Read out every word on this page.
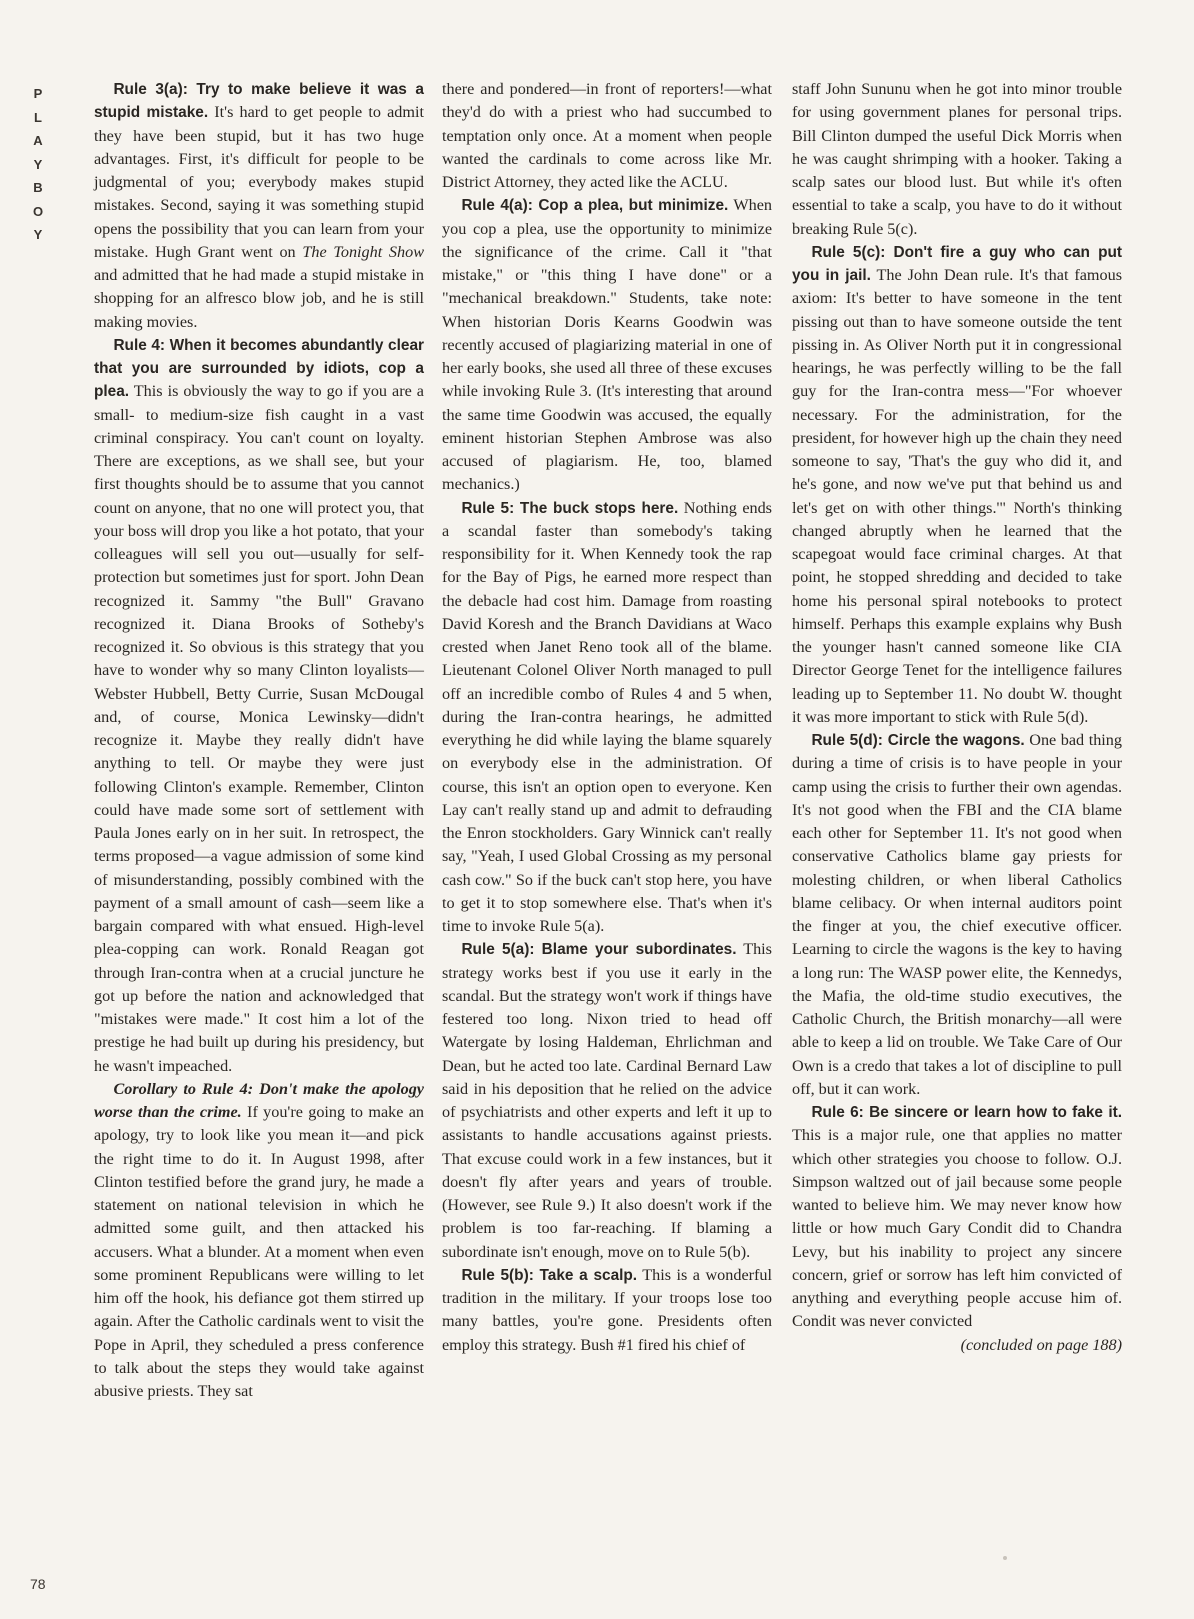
P
L
A
Y
B
O
Y
78

Rule 3(a): Try to make believe it was a stupid mistake. It's hard to get people to admit they have been stupid, but it has two huge advantages. First, it's difficult for people to be judgmental of you; everybody makes stupid mistakes. Second, saying it was something stupid opens the possibility that you can learn from your mistake. Hugh Grant went on The Tonight Show and admitted that he had made a stupid mistake in shopping for an alfresco blow job, and he is still making movies.

Rule 4: When it becomes abundantly clear that you are surrounded by idiots, cop a plea. This is obviously the way to go if you are a small- to medium-size fish caught in a vast criminal conspiracy. You can't count on loyalty. There are exceptions, as we shall see, but your first thoughts should be to assume that you cannot count on anyone, that no one will protect you, that your boss will drop you like a hot potato, that your colleagues will sell you out—usually for self-protection but sometimes just for sport. John Dean recognized it. Sammy "the Bull" Gravano recognized it. Diana Brooks of Sotheby's recognized it. So obvious is this strategy that you have to wonder why so many Clinton loyalists—Webster Hubbell, Betty Currie, Susan McDougal and, of course, Monica Lewinsky—didn't recognize it. Maybe they really didn't have anything to tell. Or maybe they were just following Clinton's example. Remember, Clinton could have made some sort of settlement with Paula Jones early on in her suit. In retrospect, the terms proposed—a vague admission of some kind of misunderstanding, possibly combined with the payment of a small amount of cash—seem like a bargain compared with what ensued. High-level plea-copping can work. Ronald Reagan got through Iran-contra when at a crucial juncture he got up before the nation and acknowledged that "mistakes were made." It cost him a lot of the prestige he had built up during his presidency, but he wasn't impeached.

Corollary to Rule 4: Don't make the apology worse than the crime. If you're going to make an apology, try to look like you mean it—and pick the right time to do it. In August 1998, after Clinton testified before the grand jury, he made a statement on national television in which he admitted some guilt, and then attacked his accusers. What a blunder. At a moment when even some prominent Republicans were willing to let him off the hook, his defiance got them stirred up again. After the Catholic cardinals went to visit the Pope in April, they scheduled a press conference to talk about the steps they would take against abusive priests. They sat

there and pondered—in front of reporters!—what they'd do with a priest who had succumbed to temptation only once. At a moment when people wanted the cardinals to come across like Mr. District Attorney, they acted like the ACLU.

Rule 4(a): Cop a plea, but minimize. When you cop a plea, use the opportunity to minimize the significance of the crime. Call it "that mistake," or "this thing I have done" or a "mechanical breakdown." Students, take note: When historian Doris Kearns Goodwin was recently accused of plagiarizing material in one of her early books, she used all three of these excuses while invoking Rule 3. (It's interesting that around the same time Goodwin was accused, the equally eminent historian Stephen Ambrose was also accused of plagiarism. He, too, blamed mechanics.)

Rule 5: The buck stops here. Nothing ends a scandal faster than somebody's taking responsibility for it. When Kennedy took the rap for the Bay of Pigs, he earned more respect than the debacle had cost him. Damage from roasting David Koresh and the Branch Davidians at Waco crested when Janet Reno took all of the blame. Lieutenant Colonel Oliver North managed to pull off an incredible combo of Rules 4 and 5 when, during the Iran-contra hearings, he admitted everything he did while laying the blame squarely on everybody else in the administration. Of course, this isn't an option open to everyone. Ken Lay can't really stand up and admit to defrauding the Enron stockholders. Gary Winnick can't really say, "Yeah, I used Global Crossing as my personal cash cow." So if the buck can't stop here, you have to get it to stop somewhere else. That's when it's time to invoke Rule 5(a).

Rule 5(a): Blame your subordinates. This strategy works best if you use it early in the scandal. But the strategy won't work if things have festered too long. Nixon tried to head off Watergate by losing Haldeman, Ehrlichman and Dean, but he acted too late. Cardinal Bernard Law said in his deposition that he relied on the advice of psychiatrists and other experts and left it up to assistants to handle accusations against priests. That excuse could work in a few instances, but it doesn't fly after years and years of trouble. (However, see Rule 9.) It also doesn't work if the problem is too far-reaching. If blaming a subordinate isn't enough, move on to Rule 5(b).

Rule 5(b): Take a scalp. This is a wonderful tradition in the military. If your troops lose too many battles, you're gone. Presidents often employ this strategy. Bush #1 fired his chief of

staff John Sununu when he got into minor trouble for using government planes for personal trips. Bill Clinton dumped the useful Dick Morris when he was caught shrimping with a hooker. Taking a scalp sates our blood lust. But while it's often essential to take a scalp, you have to do it without breaking Rule 5(c).

Rule 5(c): Don't fire a guy who can put you in jail. The John Dean rule. It's that famous axiom: It's better to have someone in the tent pissing out than to have someone outside the tent pissing in. As Oliver North put it in congressional hearings, he was perfectly willing to be the fall guy for the Iran-contra mess—"For whoever necessary. For the administration, for the president, for however high up the chain they need someone to say, 'That's the guy who did it, and he's gone, and now we've put that behind us and let's get on with other things.'" North's thinking changed abruptly when he learned that the scapegoat would face criminal charges. At that point, he stopped shredding and decided to take home his personal spiral notebooks to protect himself. Perhaps this example explains why Bush the younger hasn't canned someone like CIA Director George Tenet for the intelligence failures leading up to September 11. No doubt W. thought it was more important to stick with Rule 5(d).

Rule 5(d): Circle the wagons. One bad thing during a time of crisis is to have people in your camp using the crisis to further their own agendas. It's not good when the FBI and the CIA blame each other for September 11. It's not good when conservative Catholics blame gay priests for molesting children, or when liberal Catholics blame celibacy. Or when internal auditors point the finger at you, the chief executive officer. Learning to circle the wagons is the key to having a long run: The WASP power elite, the Kennedys, the Mafia, the old-time studio executives, the Catholic Church, the British monarchy—all were able to keep a lid on trouble. We Take Care of Our Own is a credo that takes a lot of discipline to pull off, but it can work.

Rule 6: Be sincere or learn how to fake it. This is a major rule, one that applies no matter which other strategies you choose to follow. O.J. Simpson waltzed out of jail because some people wanted to believe him. We may never know how little or how much Gary Condit did to Chandra Levy, but his inability to project any sincere concern, grief or sorrow has left him convicted of anything and everything people accuse him of. Condit was never convicted

(concluded on page 188)
